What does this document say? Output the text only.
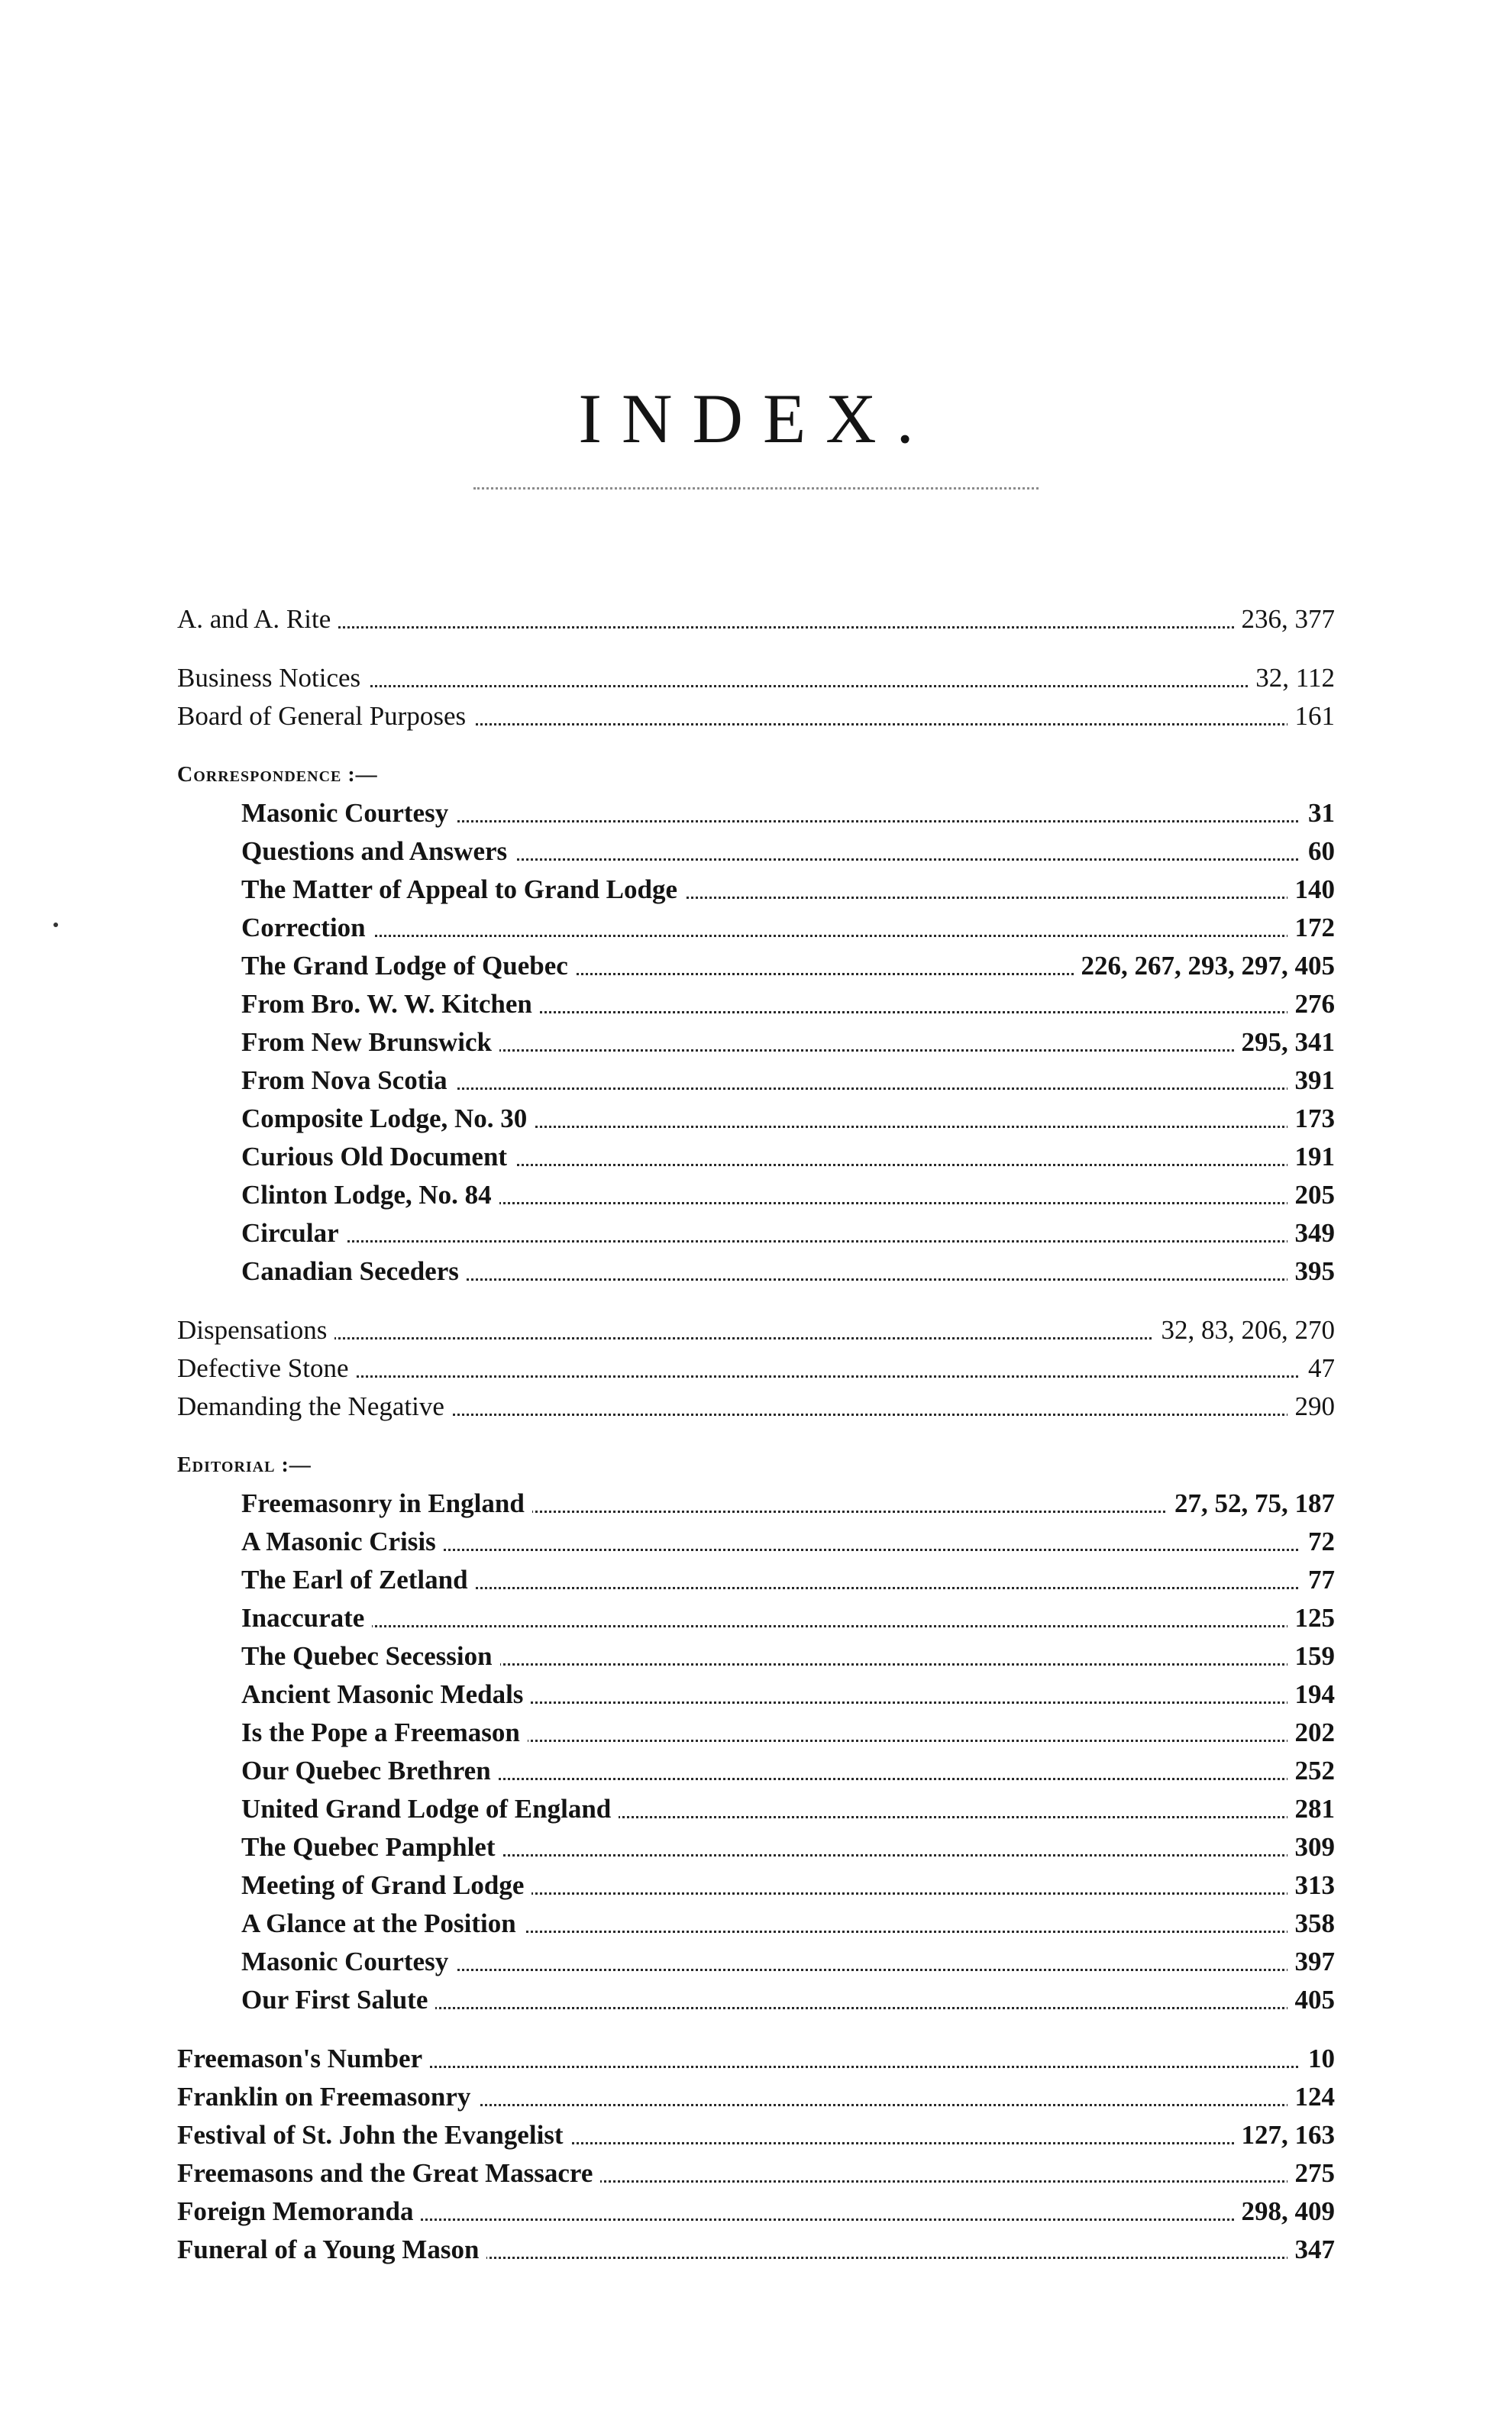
INDEX.
A. and A. Rite	236, 377
Business Notices	32, 112
Board of General Purposes	161
Correspondence :—
Masonic Courtesy	31
Questions and Answers	60
The Matter of Appeal to Grand Lodge	140
Correction	172
The Grand Lodge of Quebec	226, 267, 293, 297, 405
From Bro. W. W. Kitchen	276
From New Brunswick	295, 341
From Nova Scotia	391
Composite Lodge, No. 30	173
Curious Old Document	191
Clinton Lodge, No. 84	205
Circular	349
Canadian Seceders	395
Dispensations	32, 83, 206, 270
Defective Stone	47
Demanding the Negative	290
Editorial :—
Freemasonry in England	27, 52, 75, 187
A Masonic Crisis	72
The Earl of Zetland	77
Inaccurate	125
The Quebec Secession	159
Ancient Masonic Medals	194
Is the Pope a Freemason	202
Our Quebec Brethren	252
United Grand Lodge of England	281
The Quebec Pamphlet	309
Meeting of Grand Lodge	313
A Glance at the Position	358
Masonic Courtesy	397
Our First Salute	405
Freemason's Number	10
Franklin on Freemasonry	124
Festival of St. John the Evangelist	127, 163
Freemasons and the Great Massacre	275
Foreign Memoranda	298, 409
Funeral of a Young Mason	347
